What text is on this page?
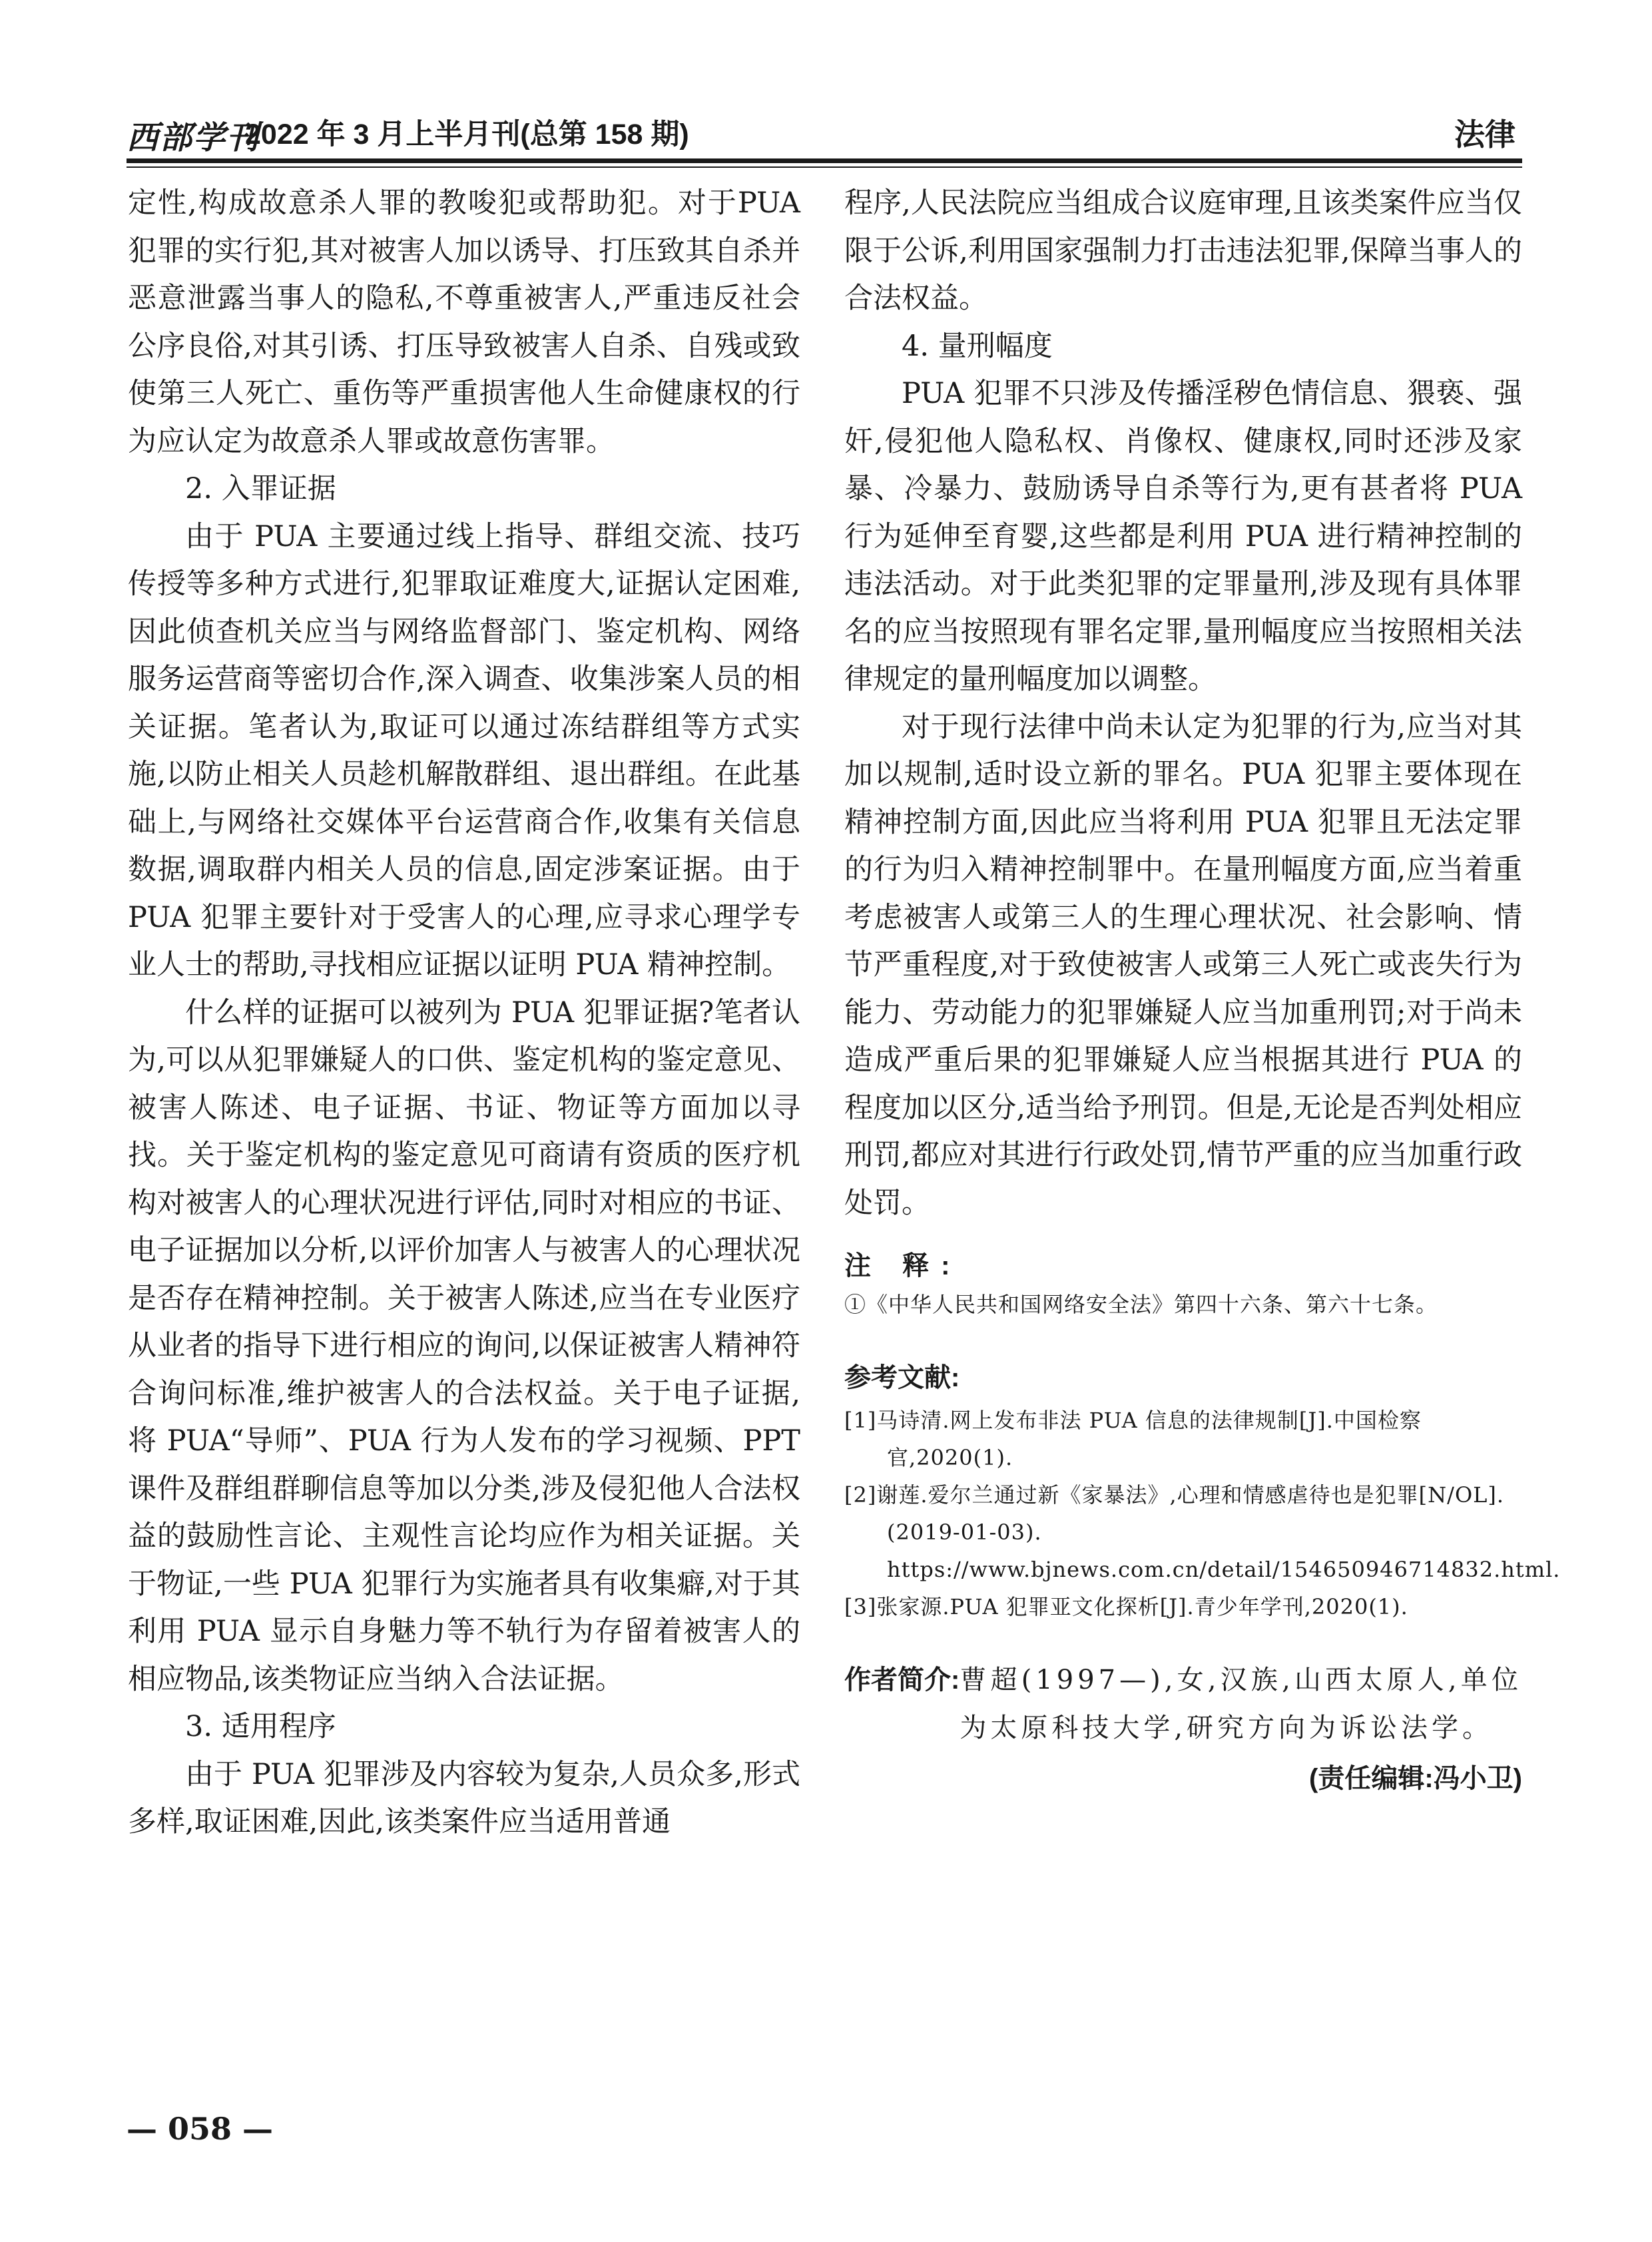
西部学刊
2022 年 3 月上半月刊(总第 158 期)	法律

定性,构成故意杀人罪的教唆犯或帮助犯。对于PUA 犯罪的实行犯,其对被害人加以诱导、打压致其自杀并恶意泄露当事人的隐私,不尊重被害人,严重违反社会公序良俗,对其引诱、打压导致被害人自杀、自残或致使第三人死亡、重伤等严重损害他人生命健康权的行为应认定为故意杀人罪或故意伤害罪。

2. 入罪证据

由于 PUA 主要通过线上指导、群组交流、技巧传授等多种方式进行,犯罪取证难度大,证据认定困难,因此侦查机关应当与网络监督部门、鉴定机构、网络服务运营商等密切合作,深入调查、收集涉案人员的相关证据。笔者认为,取证可以通过冻结群组等方式实施,以防止相关人员趁机解散群组、退出群组。在此基础上,与网络社交媒体平台运营商合作,收集有关信息数据,调取群内相关人员的信息,固定涉案证据。由于 PUA 犯罪主要针对于受害人的心理,应寻求心理学专业人士的帮助,寻找相应证据以证明 PUA 精神控制。

什么样的证据可以被列为 PUA 犯罪证据?笔者认为,可以从犯罪嫌疑人的口供、鉴定机构的鉴定意见、被害人陈述、电子证据、书证、物证等方面加以寻找。关于鉴定机构的鉴定意见可商请有资质的医疗机构对被害人的心理状况进行评估,同时对相应的书证、电子证据加以分析,以评价加害人与被害人的心理状况是否存在精神控制。关于被害人陈述,应当在专业医疗从业者的指导下进行相应的询问,以保证被害人精神符合询问标准,维护被害人的合法权益。关于电子证据,将 PUA“导师”、PUA 行为人发布的学习视频、PPT 课件及群组群聊信息等加以分类,涉及侵犯他人合法权益的鼓励性言论、主观性言论均应作为相关证据。关于物证,一些 PUA 犯罪行为实施者具有收集癖,对于其利用 PUA 显示自身魅力等不轨行为存留着被害人的相应物品,该类物证应当纳入合法证据。

3. 适用程序

由于 PUA 犯罪涉及内容较为复杂,人员众多,形式多样,取证困难,因此,该类案件应当适用普通

程序,人民法院应当组成合议庭审理,且该类案件应当仅限于公诉,利用国家强制力打击违法犯罪,保障当事人的合法权益。

4. 量刑幅度

PUA 犯罪不只涉及传播淫秽色情信息、猥亵、强奸,侵犯他人隐私权、肖像权、健康权,同时还涉及家暴、冷暴力、鼓励诱导自杀等行为,更有甚者将 PUA 行为延伸至育婴,这些都是利用 PUA 进行精神控制的违法活动。对于此类犯罪的定罪量刑,涉及现有具体罪名的应当按照现有罪名定罪,量刑幅度应当按照相关法律规定的量刑幅度加以调整。

对于现行法律中尚未认定为犯罪的行为,应当对其加以规制,适时设立新的罪名。PUA 犯罪主要体现在精神控制方面,因此应当将利用 PUA 犯罪且无法定罪的行为归入精神控制罪中。在量刑幅度方面,应当着重考虑被害人或第三人的生理心理状况、社会影响、情节严重程度,对于致使被害人或第三人死亡或丧失行为能力、劳动能力的犯罪嫌疑人应当加重刑罚;对于尚未造成严重后果的犯罪嫌疑人应当根据其进行 PUA 的程度加以区分,适当给予刑罚。但是,无论是否判处相应刑罚,都应对其进行行政处罚,情节严重的应当加重行政处罚。

注 释:
①《中华人民共和国网络安全法》第四十六条、第六十七条。
参考文献:
[1]马诗清.网上发布非法 PUA 信息的法律规制[J].中国检察官,2020(1).
[2]谢莲.爱尔兰通过新《家暴法》,心理和情感虐待也是犯罪[N/OL].(2019-01-03).
https://www.bjnews.com.cn/detail/154650946714832.html.
[3]张家源.PUA 犯罪亚文化探析[J].青少年学刊,2020(1).
作者简介: 曹超(1997—),女,汉族,山西太原人,单位为太原科技大学,研究方向为诉讼法学。
(责任编辑:冯小卫)
— 058 —
